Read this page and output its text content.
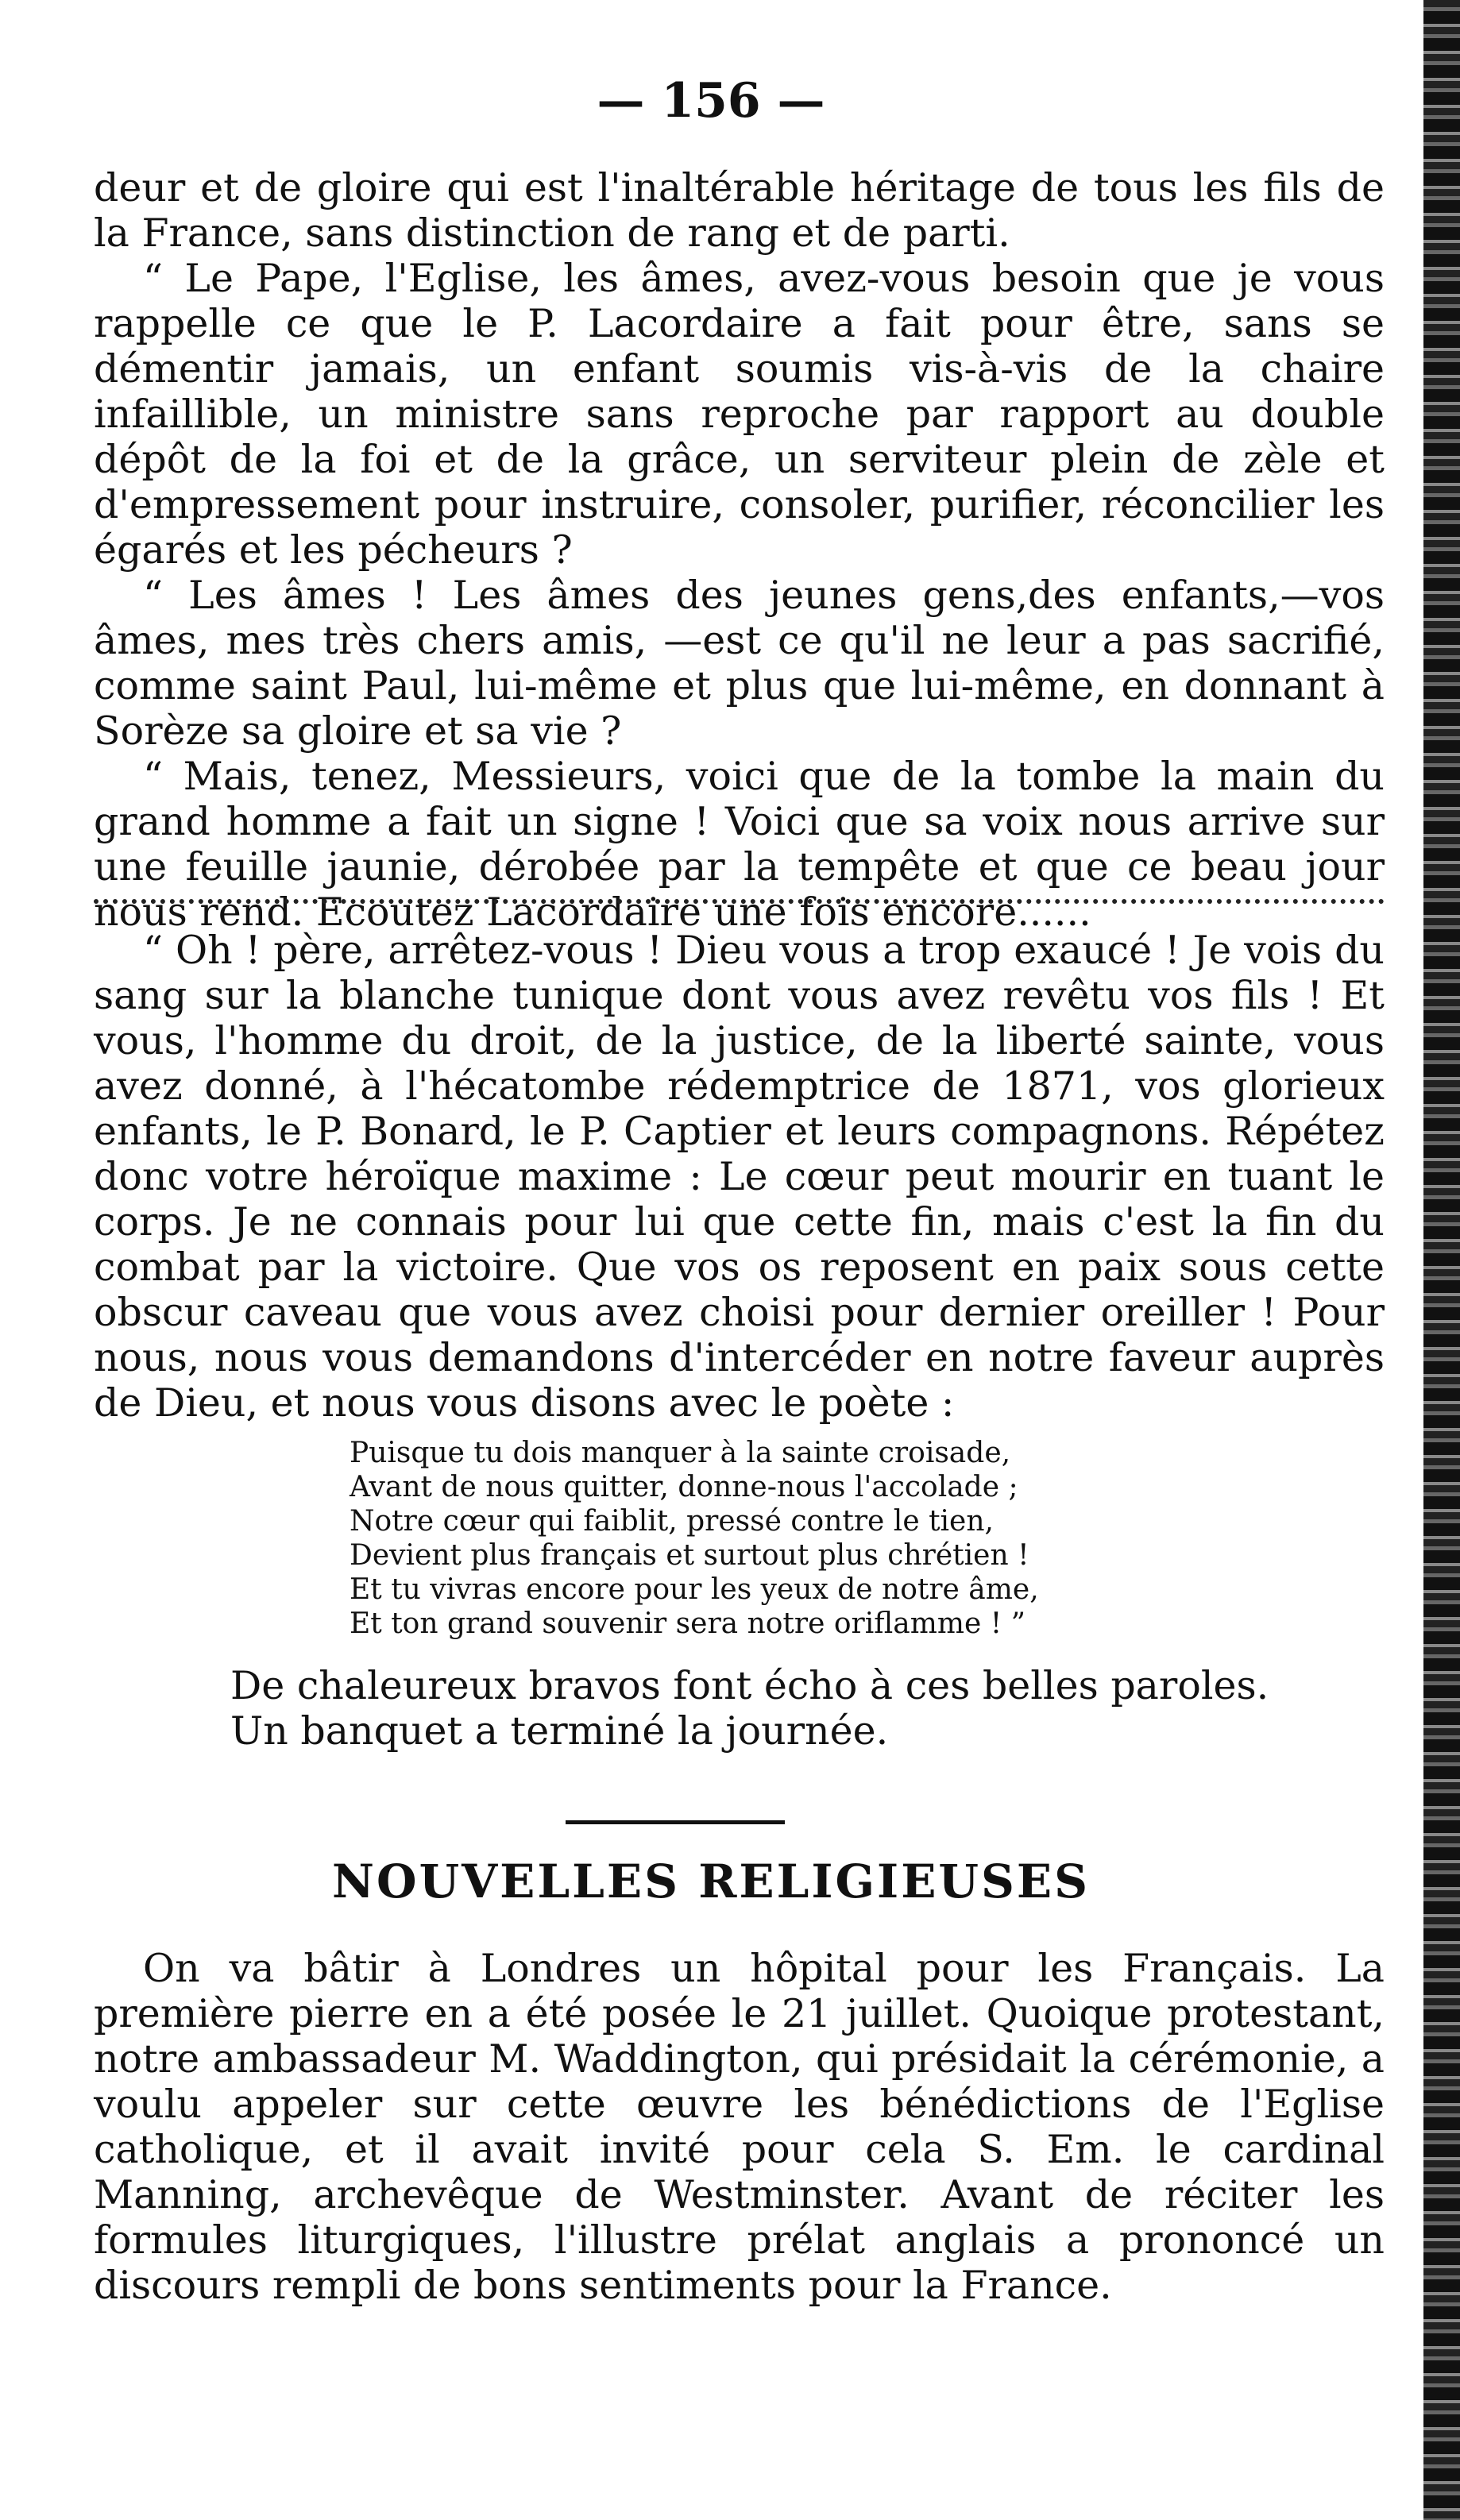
— 156 —

deur et de gloire qui est l'inaltérable héritage de tous les fils de la France, sans distinction de rang et de parti.

“ Le Pape, l'Eglise, les âmes, avez-vous besoin que je vous rappelle ce que le P. Lacordaire a fait pour être, sans se démentir jamais, un enfant soumis vis-à-vis de la chaire infaillible, un ministre sans reproche par rapport au double dépôt de la foi et de la grâce, un serviteur plein de zèle et d'empressement pour instruire, consoler, purifier, réconcilier les égarés et les pécheurs ?

“ Les âmes ! Les âmes des jeunes gens,des enfants,—vos âmes, mes très chers amis, —est ce qu'il ne leur a pas sacrifié, comme saint Paul, lui-même et plus que lui-même, en donnant à Sorèze sa gloire et sa vie ?

“ Mais, tenez, Messieurs, voici que de la tombe la main du grand homme a fait un signe ! Voici que sa voix nous arrive sur une feuille jaunie, dérobée par la tempête et que ce beau jour nous rend. Ecoutez Lacordaire une fois encore......

“ Oh ! père, arrêtez-vous ! Dieu vous a trop exaucé ! Je vois du sang sur la blanche tunique dont vous avez revêtu vos fils ! Et vous, l'homme du droit, de la justice, de la liberté sainte, vous avez donné, à l'hécatombe rédemptrice de 1871, vos glorieux enfants, le P. Bonard, le P. Captier et leurs compagnons. Répétez donc votre héroïque maxime : Le cœur peut mourir en tuant le corps. Je ne connais pour lui que cette fin, mais c'est la fin du combat par la victoire. Que vos os reposent en paix sous cette obscur caveau que vous avez choisi pour dernier oreiller ! Pour nous, nous vous demandons d'intercéder en notre faveur auprès de Dieu, et nous vous disons avec le poète :

Puisque tu dois manquer à la sainte croisade,
Avant de nous quitter, donne-nous l'accolade ;
Notre cœur qui faiblit, pressé contre le tien,
Devient plus français et surtout plus chrétien !
Et tu vivras encore pour les yeux de notre âme,
Et ton grand souvenir sera notre oriflamme ! ”
De chaleureux bravos font écho à ces belles paroles.
Un banquet a terminé la journée.
NOUVELLES RELIGIEUSES

On va bâtir à Londres un hôpital pour les Français. La première pierre en a été posée le 21 juillet. Quoique protestant, notre ambassadeur M. Waddington, qui présidait la cérémonie, a voulu appeler sur cette œuvre les bénédictions de l'Eglise catholique, et il avait invité pour cela S. Em. le cardinal Manning, archevêque de Westminster. Avant de réciter les formules liturgiques, l'illustre prélat anglais a prononcé un discours rempli de bons sentiments pour la France.
